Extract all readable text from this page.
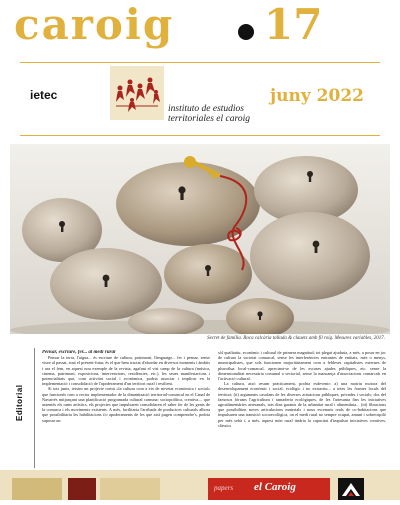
caroig 17
ietec
instituto de estudios
territoriales el caroig
juny 2022
Secret de família. Roca calcària tallada & clauets amb fil roig. Mesures variables, 2017.
Editorial
Pensar, escriure, fer... al medi rural

Pensar la terra, l'aigua... és escriure de cultura, patrimoni, llenguatge... fer i pensar, sense viure al passat, sinó el present-futur, és el que hem tractat d'abordar en diversos moments i àmbits i ara el fem, en aquest nou exemple de la revista, agafant el vist camp de la cultura (música, cinema, patrimoni, exposicions, intervencions, residències, etc.), les seues manifestacions i potencialitats que, com activitat social i econòmica, podria associar i implicar en la implementació i consolidació de l'apoderament d'un territori rural i resilient.

Si tots junts, teixim un projecte comú «la cultura com a eix de novetat econòmica i social» que funcionés com a vector implementador de la dinamització territorial-comarcal en el Canal de Navarrés mitjançant una planificació programada cultural comuna: sociopolítica, creativa..., que assentés els rams artístics, els projectes que impulsaren consolidaren el saber fer de les gents de la comarca i els moviments existents. A més, facilitaria l'arribada de productors culturals alhora que possibilitaria les habilitacions i/o apoderaments de les que així pugen comprendre's, podria suposar un

sòl qualitatiu, econòmic i cultural de primera magnitud; tot plegat ajudaria, a més, a posar en joc de cultura la societat comarcal, sense les interferències entrantes de entitats, més o menys, municipalistes, que sols funcionen majoritàriament com a febleses capitalistes externes de plusvàlua local-comarcal, apreciant-se de les escases ajudes públiques, etc. sense la dimensionalitat necessària comunal o sectorial, sense la mancança d'associacions comarcals en l'activació cultural.

La cultura, això resum pràcticament, podria esdevenir: a) una motriu motora del desenvolupament econòmic i social, ecològic i no extractiu... a totes les formes locals del territori; (ii) arguments casolans de les diverses actuacions públiques, privades i socials; dos del famosos fórums l'agricultura i ramaderia ecològiques, de les l'artesania fins les iniciatives agroalimentàries artesanals, tots dins garants de la urbanitat rural i alimentària... (iii) fibracions que possibiliten noves articulacions materials i nous escenaris reals de co-habitacions que impulsaren una transició socioecològica, on el medi rural no sempre ocupat, amunt i sobrecupiló per més urbà i, a més, aquest món rural tindria la capacitat d'impulsar iniciatives creatives, clàssics

papers el Caroig
